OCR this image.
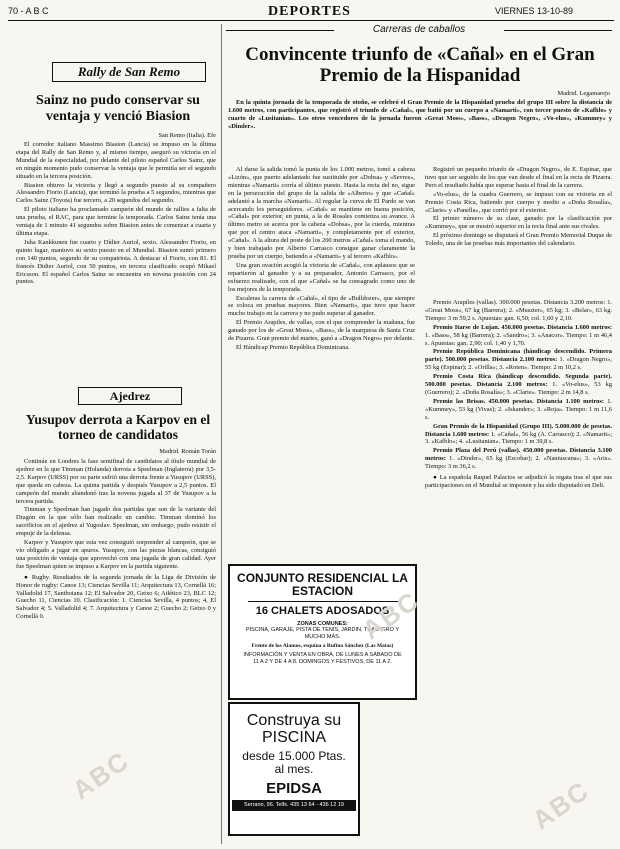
70 - A B C	DEPORTES	VIERNES 13-10-89
Rally de San Remo
Sainz no pudo conservar su ventaja y venció Biasion
San Remo (Italia). Efe

El corredor italiano Massimo Biasion (Lancia) se impuso en la última etapa del Rally de San Remo y, al mismo tiempo, aseguró su victoria en el Mundial de la especialidad, por delante del piloto español Carlos Sainz, que en ningún momento pudo conservar la ventaja que le permitía ser el segundo situado en la tercera posición.

Biasion obtuvo la victoria y llegó a segundo puesto al su compañero Alessandro Fiorio (Lancia), que terminó la prueba a 5 segundos, mientras que Carlos Sainz (Toyota) fue tercero, a 20 segundos del segundo.

El piloto italiano ha proclamado campeón del mundo de rallies a falta de una prueba, el RAC, para que termine la temporada. Carlos Sainz tenía una ventaja de 1 minuto 41 segundos sobre Biasion antes de comenzar a cuarta y última etapa.

Juha Kankkunen fue cuarto y Dídier Auriol, sexto. Alessandro Fiorio, en quinto lugar, mantuvo su sexto puesto en el Mundial. Biasion sumó primero con 140 puntos, segundo de su compatriota. A destacar el Fiorio, con 81. El francés Didier Auriol, con 50 puntos, en tercera clasificado ocupó Mikael Ericsson. El español Carlos Sainz se encuentra en novena posición con 24 puntos.

Ajedrez
Yusupov derrota a Karpov en el torneo de candidatos
Madrid. Román Torán

Continúe en Londres la fase semifinal de candidatos al título mundial de ajedrez en la que Timman (Holanda) derrota a Speelman (Inglaterra) por 3,5-2,5. Karpov (URSS) por su parte sufrió una derrota frente a Yusupov (URSS), que queda en cabeza. La quinta partida y después Yusupov a 2,5 puntos. El campeón del mundo abandonó tras la novena jugada al 37 de Yusupov a la tercera partida.

Timman y Speelman han jugado dos partidas que son de la variante del Dragón en la que sólo han realizado un cambio. Timman dominó los sacrificios en el ajedrez al Yugoslav. Speelman, sin embargo, pudo resistir el empuje de la defensa.

Karpov y Yusupov que esta vez consiguió sorprender al campeón, que se vio obligado a jugar en apuros. Yusupov, con las piezas blancas, consiguió una posición de ventaja que aprovechó con una jugada de gran calidad. Ayer fue Speelman quien se impuso a Karpov en la partida siguiente.

● Rugby. Resultados de la segunda jornada de la Liga de División de Honor de rugby: Canoe 13; Ciencias Sevilla 11; Arquitectura 13, Cornellá 16; Valladolid 17, Santboiana 12; El Salvador 20, Getxo 6; Atlético 23, BLC 12; Guecho 11, Ciencias 10. Clasificación: 1. Ciencias Sevilla, 4 puntos; 4, El Salvador 4; 5. Valladolid 4; 7. Arquitectura y Canoe 2; Guecho 2; Getxo 0 y Cornellá 0.

Carreras de caballos
Convincente triunfo de «Cañal» en el Gran Premio de la Hispanidad
Madrid. Legamarejo

En la quinta jornada de la temporada de otoño, se celebró el Gran Premio de la Hispanidad prueba del grupo III sobre la distancia de 1.600 metros, con participantes, que registró el triunfo de «Cañal», que batió por un cuerpo a «Namarti», con tercer puesto de «Kafhlo» y cuarto de «Lusitanian». Los otros vencedores de la jornada fueron «Great Moss», «Bass», «Dragon Negro», «Vo-elus», «Kummey» y «Dinder».

Al darse la salida tomó la punta de los 1.000 metros, tomó a cabeza «Lizón», que puerto adelantado fue sustituido por «Dobsa» y «Sevres», mientras «Namarti» corría el último puesto. Hasta la recta del no, sigue en la persecución del grupo de la salida de «Alberto» y que «Cañal» adelantó a la marcha «Namarti». Al regular la curva de El Pardo se van acercando los perseguidores. «Cañal» se mantiene en buena posición, «Cañal» por exterior, en punta, a la de Rosales comienza su avance. A último metro se acerca por la cabeza «Dobsa», por la cuerda, mientras que por el centro ataca «Namarti», y completamente por el exterior, «Cañal». A la altura del poste de los 200 metros «Cañal» toma el mando, y bien trabajado por Alberto Carrasco consigue ganar claramente la prueba por un cuerpo, batiendo a «Namarti» y al tercero «Kafhlo».

Una gran ovación acogió la victoria de «Cañal», con aplausos que se repartieron al ganador y a su preparador, Antonio Carrasco, por el esfuerzo realizado, con el que «Cañal» se ha consagrado como uno de los mejores de la temporada.

Escaleras la carrera de «Cañal», el tipo de «Bulldozer», que siempre se coloca en pruebas mayores. Bien «Namarti», que tuvo que hacer mucho trabajo en la carrera y no pudo superar al ganador.

El Premio Arapiles, de vallas, con el que comprender la mañana, fue ganado por los de «Great Moss», «Bass», de la marquesa de Santa Cruz de Pizarra. Gran premio del martes, ganó a «Dragon Negro» por delante.

El Hándicap Premio República Dominicana.

Registró un pequeño triunfo de «Dragon Negro», de E. Espinar, que tuvo que ser seguido de los que van desde el final en la recta de Pizarra. Pero el resultado había que esperar hasta el final de la carrera.

«Vo-elus», de la cuadra Guerrero, se impuso con su victoria en el Premio Costa Rica, batiendo por cuerpo y medio a «Doña Rosalía», «Clarie» y «Panella», que corrió por el exterior.

El primer número de su clase, ganado por la clasificación por «Kummey», que se mostró superior en la recta final ante sus rivales.

El próximo domingo se disputará el Gran Premio Memorial Duque de Toledo, una de las pruebas más importantes del calendario.

Premio Arapiles (vallas). 300.000 pesetas. Distancia 3.200 metros: 1. «Great Moss», 67 kg (Barrera); 2. «Muszter», 65 kg; 3. «Belar», 63 kg. Tiempo: 3 m 59,2 s. Apuestas: gan. 6,50; col. 1,60 y 2,10.

Premio Itarse de Lujan. 450.000 pesetas. Distancia 1.600 metros: 1. «Bass», 58 kg (Barrera); 2. «Sandro»; 3. «Anacor». Tiempo: 1 m 46,4 s. Apuestas: gan. 2,90; col. 1,40 y 1,70.

Premio República Dominicana (hándicap descendido. Primera parte). 500.000 pesetas. Distancia 2.100 metros: 1. «Dragon Negro», 55 kg (Espinar); 2. «Orilla»; 3. «Roten». Tiempo: 2 m 10,2 s.

Premio Costa Rica (hándicap descendido. Segunda parte). 500.000 pesetas. Distancia 2.100 metros: 1. «Vo-elus», 53 kg (Guerrero); 2. «Doña Rosalía»; 3. «Clarie». Tiempo: 2 m 14,8 s.

Premio las Brisas. 450.000 pesetas. Distancia 1.100 metros: 1. «Kummey», 53 kg (Vivas); 2. «Iskander»; 3. «Roja». Tiempo: 1 m 11,6 s.

Gran Premio de la Hispanidad (Grupo III). 5.000.000 de pesetas. Distancia 1.600 metros: 1. «Cañal», 56 kg (A. Carrasco); 2. «Namarti»; 3. «Kafhlo»; 4. «Lusitanian». Tiempo: 1 m 39,8 s.

Premio Plaza del Perú (vallas). 450.000 pesetas. Distancia 3.100 metros: 1. «Dinder», 65 kg (Escobar); 2. «Naniuscana»; 3. «Aris». Tiempo: 3 m 36,2 s.

● La española Raquel Palacios se adjudicó la regata tras el que sus participaciones en el Mundial se imponen y ha sido disputado en Deli.

CONJUNTO RESIDENCIAL LA ESTACION
16 CHALETS ADOSADOS
ZONAS COMUNES:
PISCINA, GARAJE, PISTA DE TENIS, JARDIN, TRASTERO Y MUCHO MÁS.
Frente de los Alamos, esquina a Rufino Sánchez (Las Matas)
INFORMACIÓN Y VENTA EN OBRA, DE LUNES A SÁBADO DE 11 A 2 Y DE 4 A 8. DOMINGOS Y FESTIVOS, DE 11 A 2.
Construya su PISCINA
desde 15.000 Ptas. al mes.
EPIDSA
Serrano, 96. Telfs. 435 13 64 - 436 12 19
ABC
ABC
ABC
